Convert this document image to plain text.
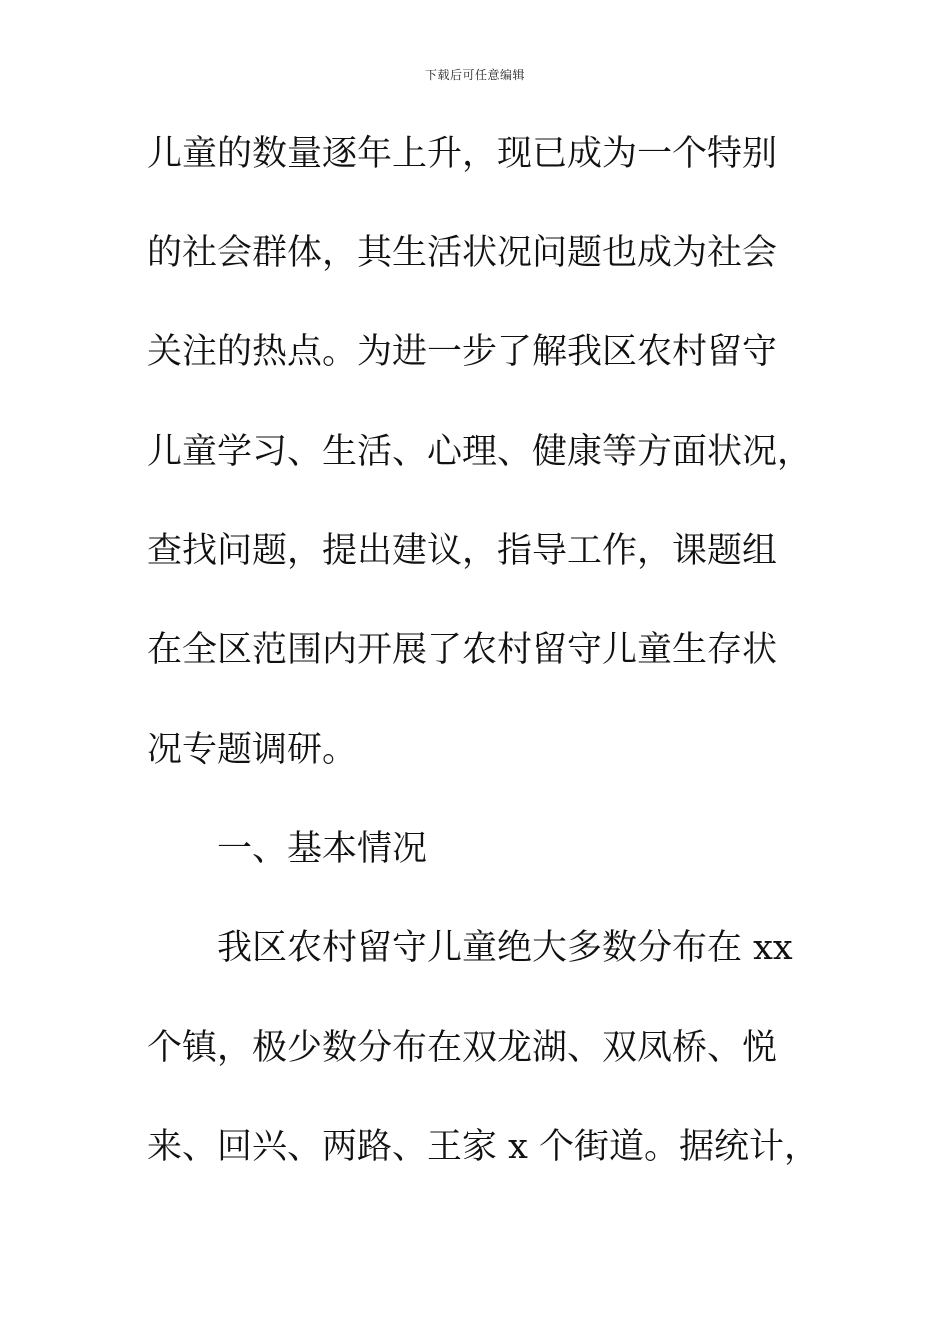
下载后可任意编辑
儿童的数量逐年上升，现已成为一个特别
的社会群体，其生活状况问题也成为社会
关注的热点。为进一步了解我区农村留守
儿童学习、生活、心理、健康等方面状况，
查找问题，提出建议，指导工作，课题组
在全区范围内开展了农村留守儿童生存状
况专题调研。
一、基本情况
我区农村留守儿童绝大多数分布在 xx
个镇，极少数分布在双龙湖、双凤桥、悦
来、回兴、两路、王家 x 个街道。据统计，
